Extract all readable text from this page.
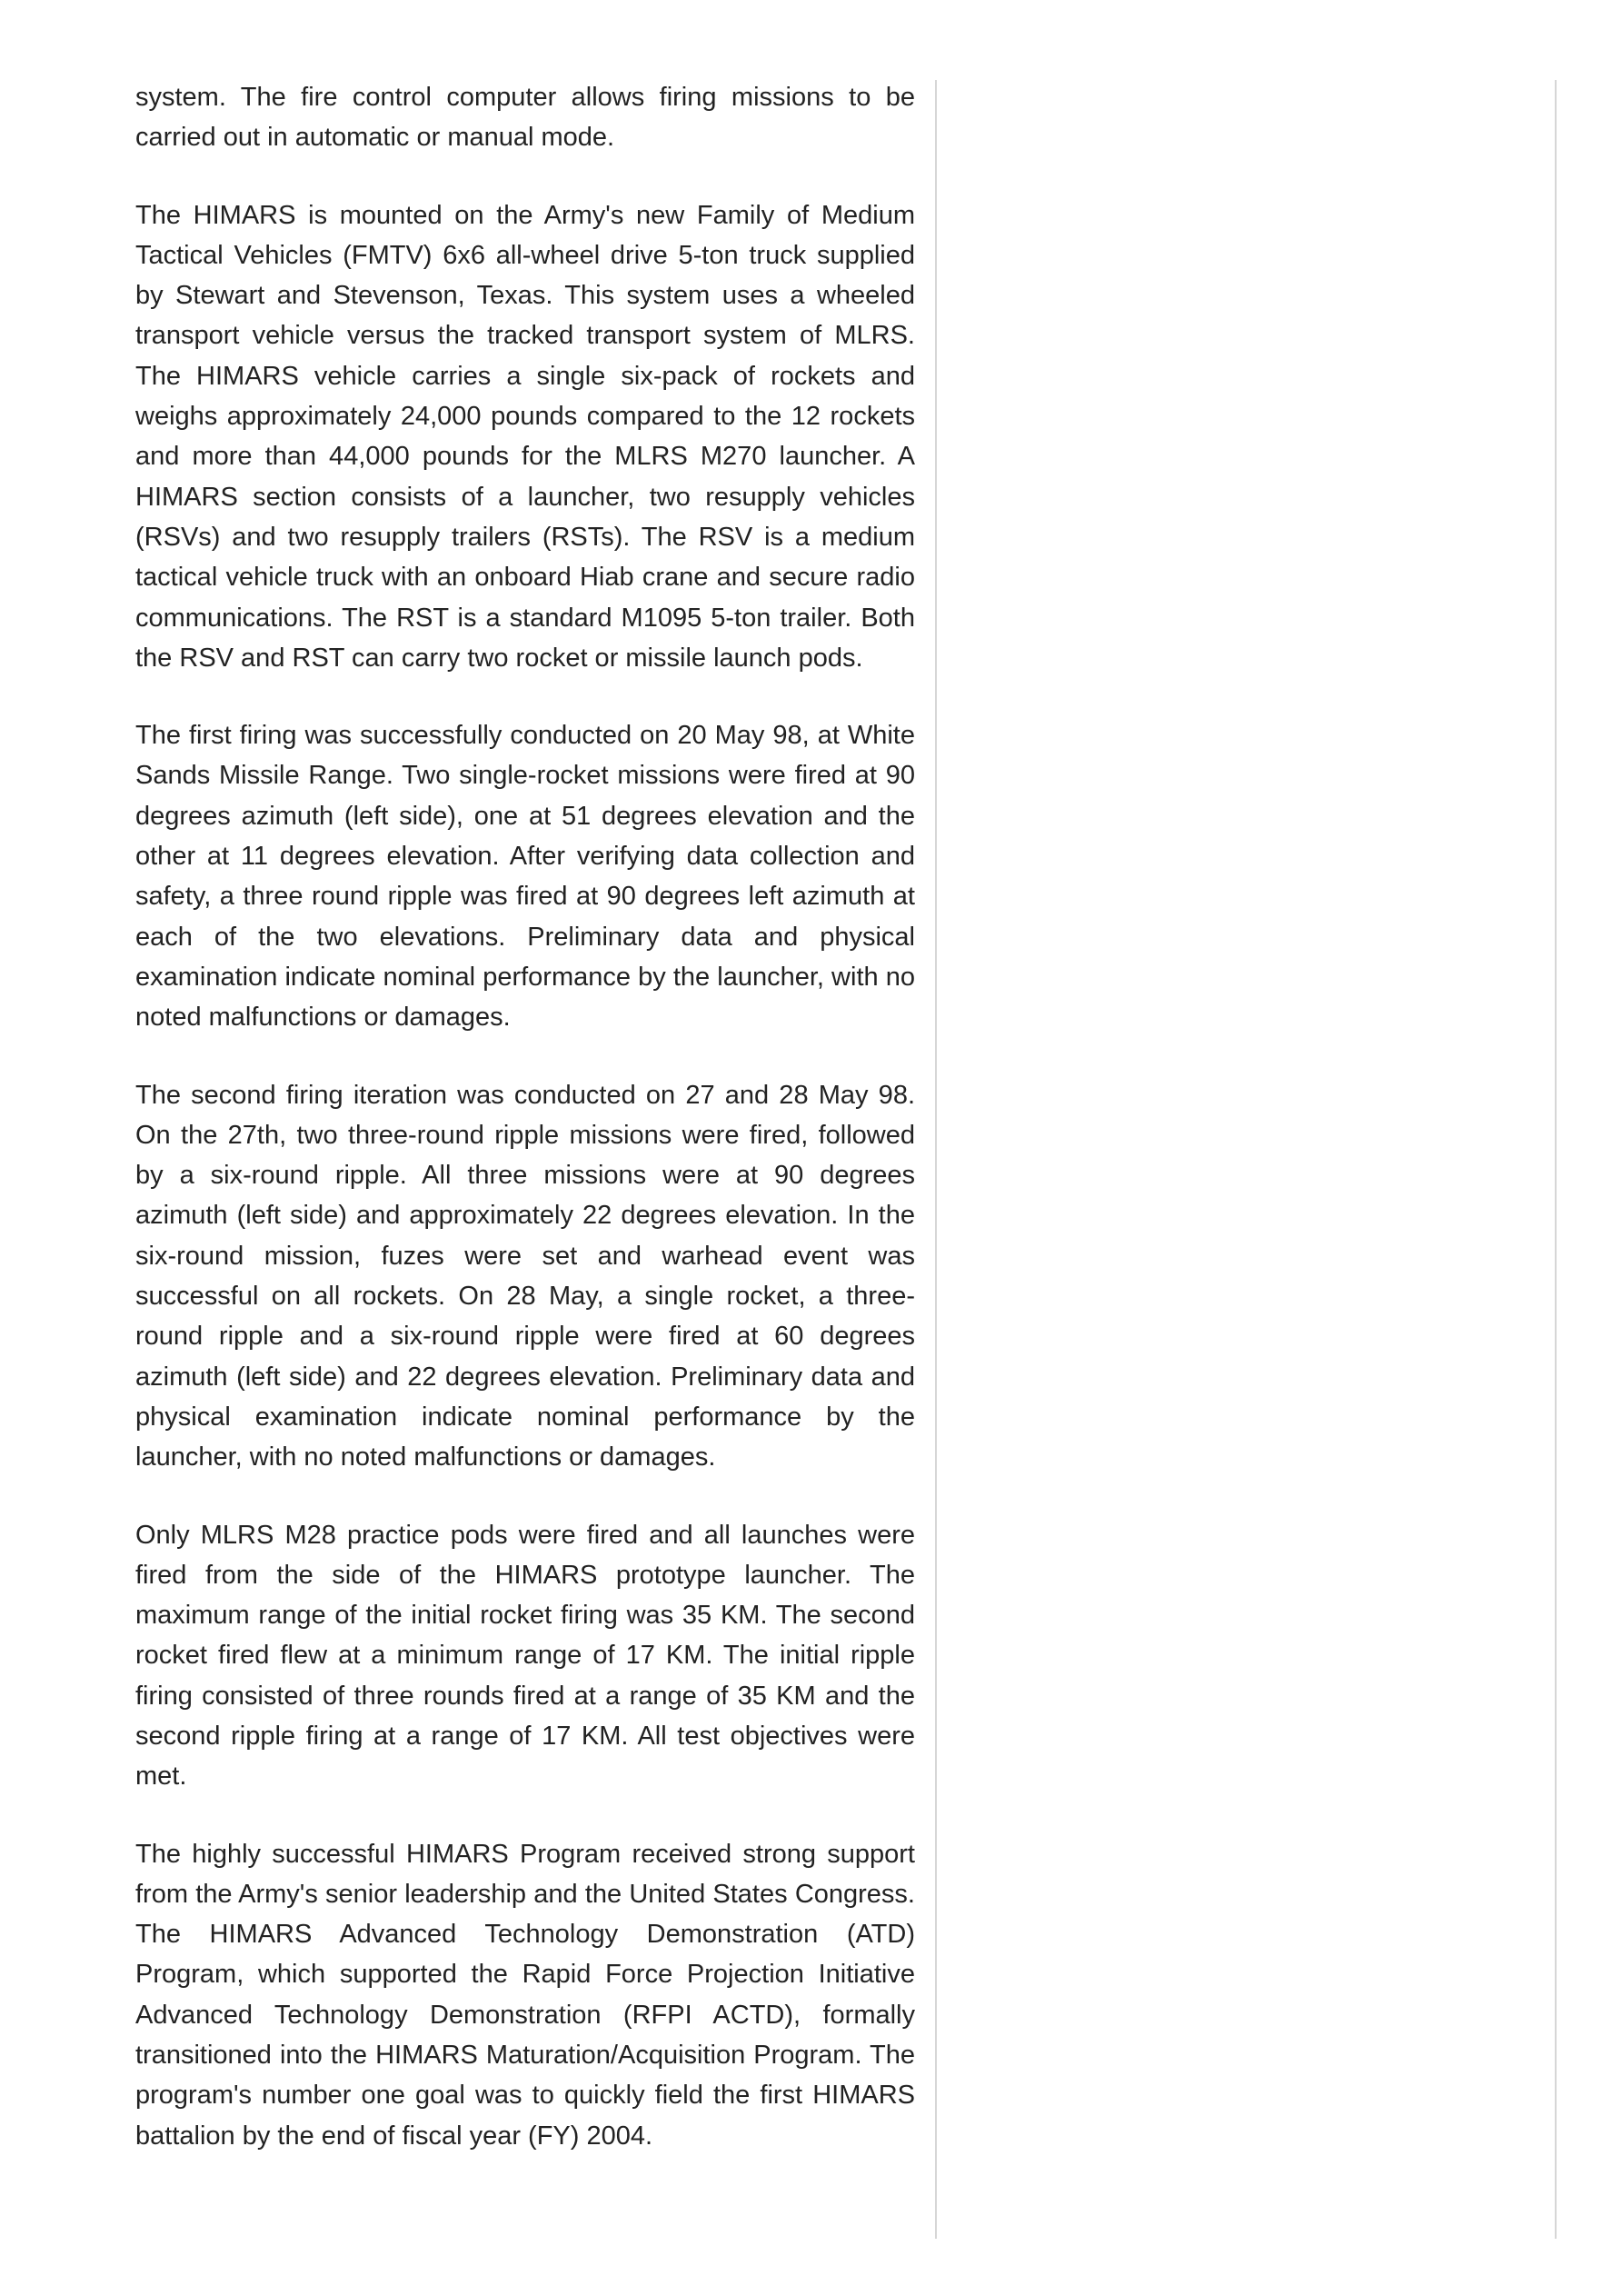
system. The fire control computer allows firing missions to be carried out in automatic or manual mode.

The HIMARS is mounted on the Army's new Family of Medium Tactical Vehicles (FMTV) 6x6 all-wheel drive 5-ton truck supplied by Stewart and Stevenson, Texas. This system uses a wheeled transport vehicle versus the tracked transport system of MLRS. The HIMARS vehicle carries a single six-pack of rockets and weighs approximately 24,000 pounds compared to the 12 rockets and more than 44,000 pounds for the MLRS M270 launcher. A HIMARS section consists of a launcher, two resupply vehicles (RSVs) and two resupply trailers (RSTs). The RSV is a medium tactical vehicle truck with an onboard Hiab crane and secure radio communications. The RST is a standard M1095 5-ton trailer. Both the RSV and RST can carry two rocket or missile launch pods.

The first firing was successfully conducted on 20 May 98, at White Sands Missile Range. Two single-rocket missions were fired at 90 degrees azimuth (left side), one at 51 degrees elevation and the other at 11 degrees elevation. After verifying data collection and safety, a three round ripple was fired at 90 degrees left azimuth at each of the two elevations. Preliminary data and physical examination indicate nominal performance by the launcher, with no noted malfunctions or damages.

The second firing iteration was conducted on 27 and 28 May 98. On the 27th, two three-round ripple missions were fired, followed by a six-round ripple. All three missions were at 90 degrees azimuth (left side) and approximately 22 degrees elevation. In the six-round mission, fuzes were set and warhead event was successful on all rockets. On 28 May, a single rocket, a three-round ripple and a six-round ripple were fired at 60 degrees azimuth (left side) and 22 degrees elevation. Preliminary data and physical examination indicate nominal performance by the launcher, with no noted malfunctions or damages.

Only MLRS M28 practice pods were fired and all launches were fired from the side of the HIMARS prototype launcher. The maximum range of the initial rocket firing was 35 KM. The second rocket fired flew at a minimum range of 17 KM. The initial ripple firing consisted of three rounds fired at a range of 35 KM and the second ripple firing at a range of 17 KM. All test objectives were met.

The highly successful HIMARS Program received strong support from the Army's senior leadership and the United States Congress. The HIMARS Advanced Technology Demonstration (ATD) Program, which supported the Rapid Force Projection Initiative Advanced Technology Demonstration (RFPI ACTD), formally transitioned into the HIMARS Maturation/Acquisition Program. The program's number one goal was to quickly field the first HIMARS battalion by the end of fiscal year (FY) 2004.
